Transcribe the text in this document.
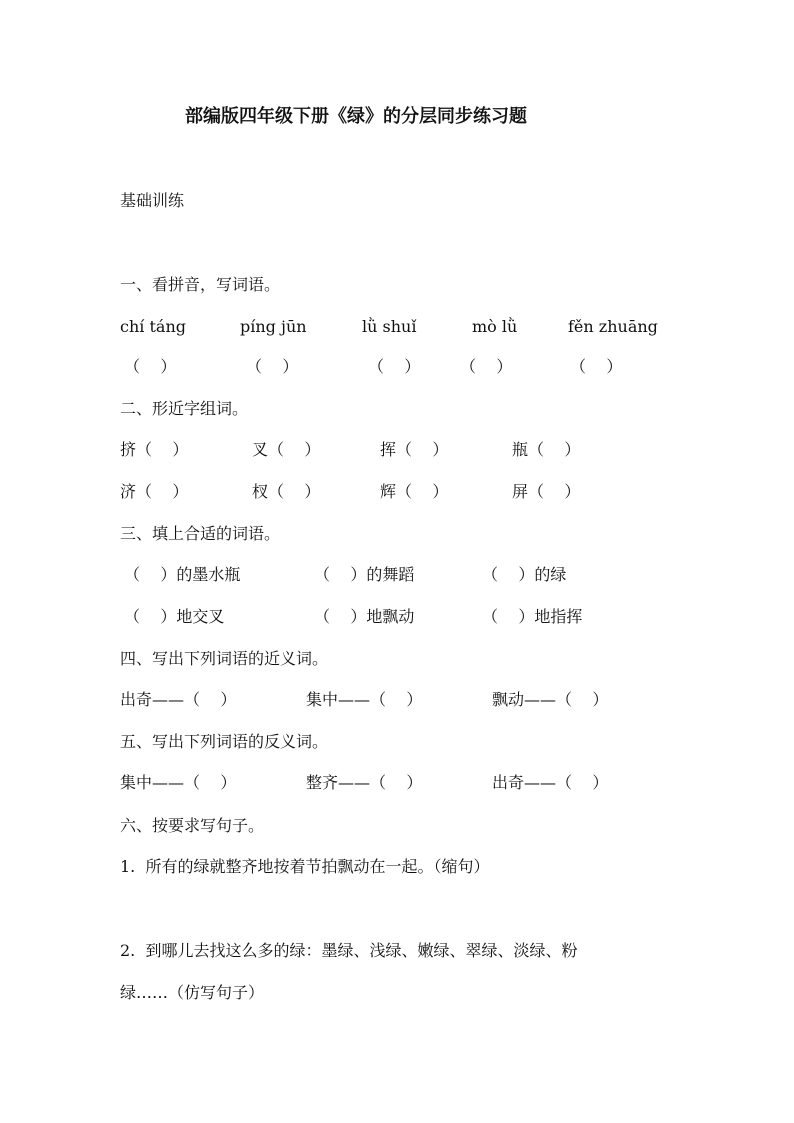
部编版四年级下册《绿》的分层同步练习题
基础训练
一、看拼音，写词语。
chí táng	píng jūn	lǜ shuǐ	mò lǜ	fěn zhuāng
（    ）	（    ）	（    ） （    ）	（    ）
二、形近字组词。
挤（    ）	叉（    ）	挥（    ）	瓶（    ）
济（    ）	杈（    ）	辉（    ）	屏（    ）
三、填上合适的词语。
（    ）的墨水瓶	（    ）的舞蹈	（    ）的绿
（    ）地交叉	（    ）地飘动	（    ）地指挥
四、写出下列词语的近义词。
出奇——（    ）	集中——（    ）	飘动——（    ）
五、写出下列词语的反义词。
集中——（    ）	整齐——（    ）	出奇——（    ）
六、按要求写句子。
1.  所有的绿就整齐地按着节拍飘动在一起。（缩句）
2.  到哪儿去找这么多的绿：墨绿、浅绿、嫩绿、翠绿、淡绿、粉
绿……（仿写句子）
